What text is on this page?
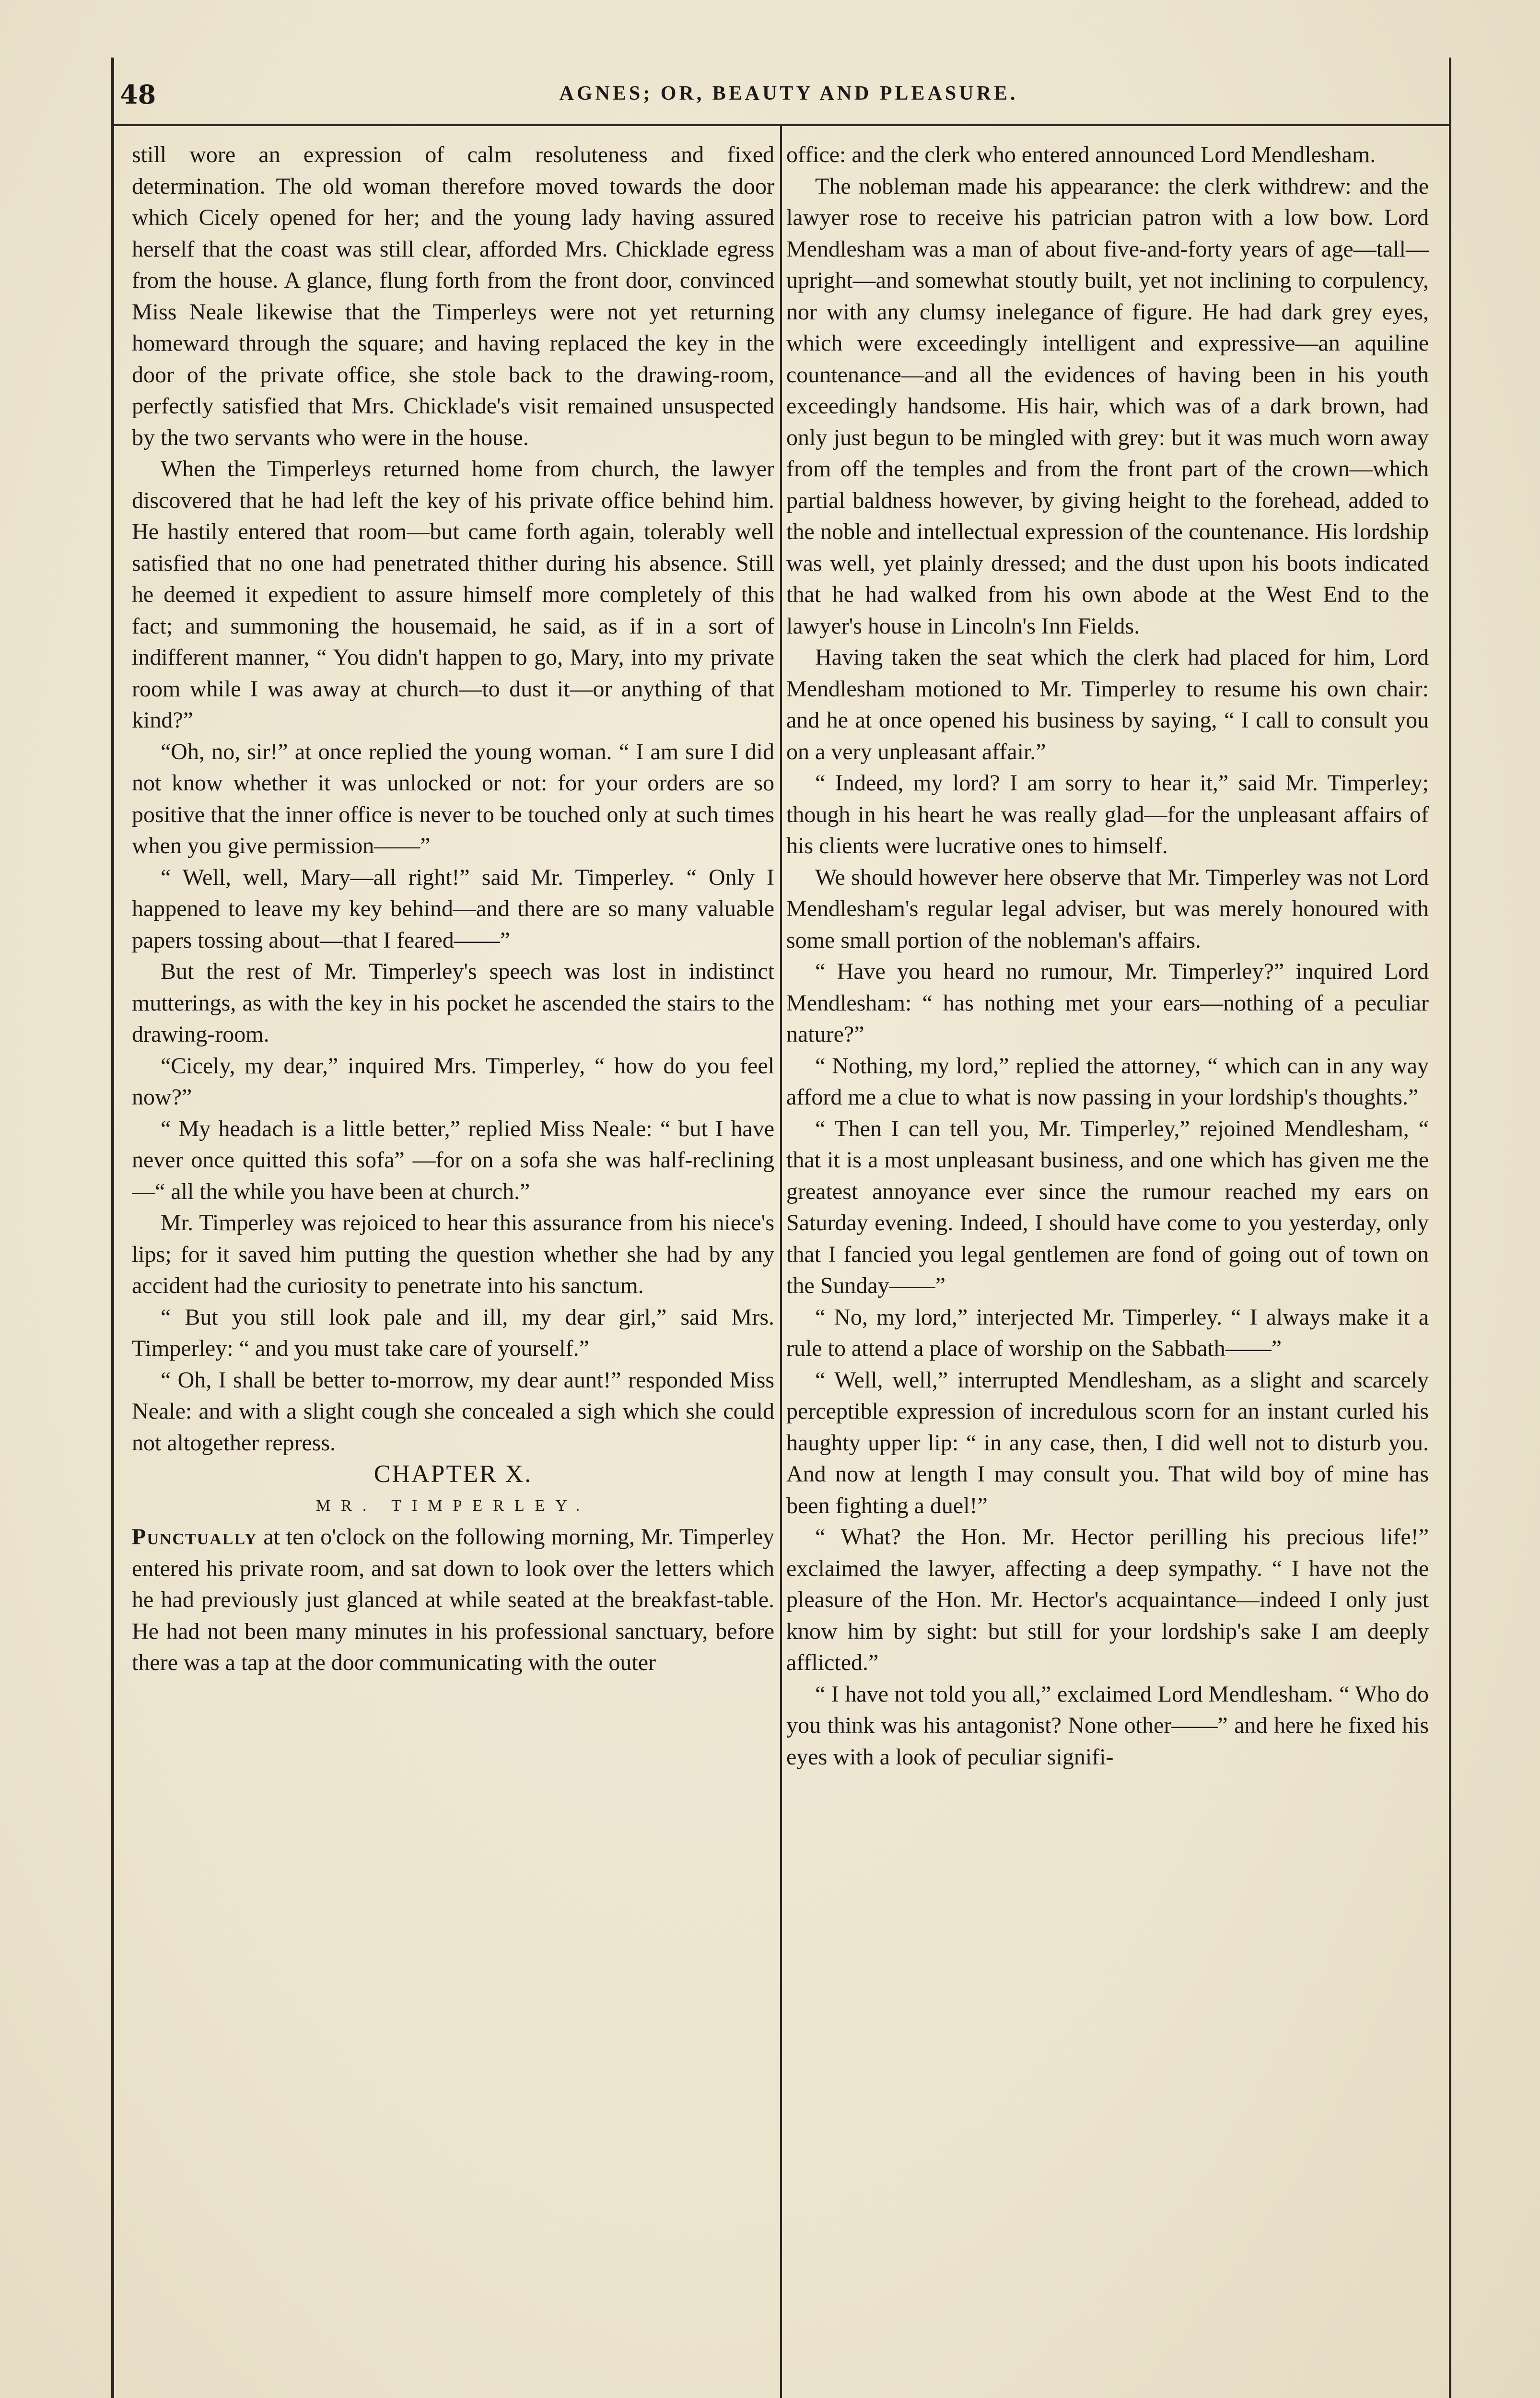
48	AGNES; OR, BEAUTY AND PLEASURE.

still wore an expression of calm resoluteness and fixed determination. The old woman therefore moved towards the door which Cicely opened for her; and the young lady having assured herself that the coast was still clear, afforded Mrs. Chicklade egress from the house. A glance, flung forth from the front door, convinced Miss Neale likewise that the Timperleys were not yet returning homeward through the square; and having replaced the key in the door of the private office, she stole back to the drawing-room, perfectly satisfied that Mrs. Chicklade's visit remained unsuspected by the two servants who were in the house.

When the Timperleys returned home from church, the lawyer discovered that he had left the key of his private office behind him. He hastily entered that room—but came forth again, tolerably well satisfied that no one had penetrated thither during his absence. Still he deemed it expedient to assure himself more completely of this fact; and summoning the housemaid, he said, as if in a sort of indifferent manner, “ You didn't happen to go, Mary, into my private room while I was away at church—to dust it—or anything of that kind?”

“Oh, no, sir!” at once replied the young woman. “ I am sure I did not know whether it was unlocked or not: for your orders are so positive that the inner office is never to be touched only at such times when you give permission——”

“ Well, well, Mary—all right!” said Mr. Timperley. “ Only I happened to leave my key behind—and there are so many valuable papers tossing about—that I feared——”

But the rest of Mr. Timperley's speech was lost in indistinct mutterings, as with the key in his pocket he ascended the stairs to the drawing-room.

“Cicely, my dear,” inquired Mrs. Timperley, “ how do you feel now?”

“ My headach is a little better,” replied Miss Neale: “ but I have never once quitted this sofa” —for on a sofa she was half-reclining—“ all the while you have been at church.”

Mr. Timperley was rejoiced to hear this assurance from his niece's lips; for it saved him putting the question whether she had by any accident had the curiosity to penetrate into his sanctum.

“ But you still look pale and ill, my dear girl,” said Mrs. Timperley: “ and you must take care of yourself.”

“ Oh, I shall be better to-morrow, my dear aunt!” responded Miss Neale: and with a slight cough she concealed a sigh which she could not altogether repress.

CHAPTER X.

MR. TIMPERLEY.

Punctually at ten o'clock on the following morning, Mr. Timperley entered his private room, and sat down to look over the letters which he had previously just glanced at while seated at the breakfast-table. He had not been many minutes in his professional sanctuary, before there was a tap at the door communicating with the outer

office: and the clerk who entered announced Lord Mendlesham.

The nobleman made his appearance: the clerk withdrew: and the lawyer rose to receive his patrician patron with a low bow. Lord Mendlesham was a man of about five-and-forty years of age—tall—upright—and somewhat stoutly built, yet not inclining to corpulency, nor with any clumsy inelegance of figure. He had dark grey eyes, which were exceedingly intelligent and expressive—an aquiline countenance—and all the evidences of having been in his youth exceedingly handsome. His hair, which was of a dark brown, had only just begun to be mingled with grey: but it was much worn away from off the temples and from the front part of the crown—which partial baldness however, by giving height to the forehead, added to the noble and intellectual expression of the countenance. His lordship was well, yet plainly dressed; and the dust upon his boots indicated that he had walked from his own abode at the West End to the lawyer's house in Lincoln's Inn Fields.

Having taken the seat which the clerk had placed for him, Lord Mendlesham motioned to Mr. Timperley to resume his own chair: and he at once opened his business by saying, “ I call to consult you on a very unpleasant affair.”

“ Indeed, my lord? I am sorry to hear it,” said Mr. Timperley; though in his heart he was really glad—for the unpleasant affairs of his clients were lucrative ones to himself.

We should however here observe that Mr. Timperley was not Lord Mendlesham's regular legal adviser, but was merely honoured with some small portion of the nobleman's affairs.

“ Have you heard no rumour, Mr. Timperley?” inquired Lord Mendlesham: “ has nothing met your ears—nothing of a peculiar nature?”

“ Nothing, my lord,” replied the attorney, “ which can in any way afford me a clue to what is now passing in your lordship's thoughts.”

“ Then I can tell you, Mr. Timperley,” rejoined Mendlesham, “ that it is a most unpleasant business, and one which has given me the greatest annoyance ever since the rumour reached my ears on Saturday evening. Indeed, I should have come to you yesterday, only that I fancied you legal gentlemen are fond of going out of town on the Sunday——”

“ No, my lord,” interjected Mr. Timperley. “ I always make it a rule to attend a place of worship on the Sabbath——”

“ Well, well,” interrupted Mendlesham, as a slight and scarcely perceptible expression of incredulous scorn for an instant curled his haughty upper lip: “ in any case, then, I did well not to disturb you. And now at length I may consult you. That wild boy of mine has been fighting a duel!”

“ What? the Hon. Mr. Hector perilling his precious life!” exclaimed the lawyer, affecting a deep sympathy. “ I have not the pleasure of the Hon. Mr. Hector's acquaintance—indeed I only just know him by sight: but still for your lordship's sake I am deeply afflicted.”

“ I have not told you all,” exclaimed Lord Mendlesham. “ Who do you think was his antagonist? None other——” and here he fixed his eyes with a look of peculiar signifi-
